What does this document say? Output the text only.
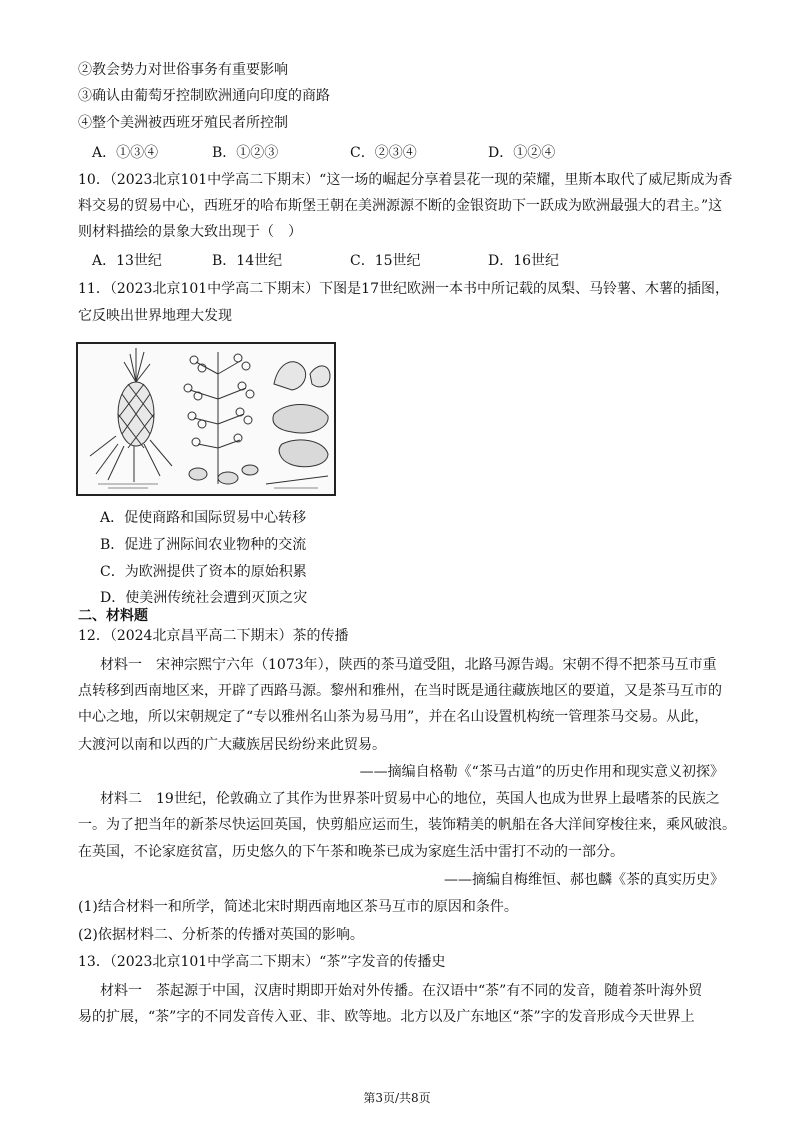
②教会势力对世俗事务有重要影响
③确认由葡萄牙控制欧洲通向印度的商路
④整个美洲被西班牙殖民者所控制
A．①③④	B．①②③	C．②③④	D．①②④
10．（2023北京101中学高二下期末）“这一场的崛起分享着昙花一现的荣耀，里斯本取代了威尼斯成为香
料交易的贸易中心，西班牙的哈布斯堡王朝在美洲源源不断的金银资助下一跃成为欧洲最强大的君主。”这
则材料描绘的景象大致出现于（　）
A．13世纪	B．14世纪	C．15世纪	D．16世纪
11．（2023北京101中学高二下期末）下图是17世纪欧洲一本书中所记载的凤梨、马铃薯、木薯的插图，
它反映出世界地理大发现
A．促使商路和国际贸易中心转移
B．促进了洲际间农业物种的交流
C．为欧洲提供了资本的原始积累
D．使美洲传统社会遭到灭顶之灾
二、材料题
12．（2024北京昌平高二下期末）茶的传播
材料一　宋神宗熙宁六年（1073年），陕西的茶马道受阻，北路马源告竭。宋朝不得不把茶马互市重
点转移到西南地区来，开辟了西路马源。黎州和雅州，在当时既是通往藏族地区的要道，又是茶马互市的
中心之地，所以宋朝规定了“专以雅州名山茶为易马用”，并在名山设置机构统一管理茶马交易。从此，
大渡河以南和以西的广大藏族居民纷纷来此贸易。
——摘编自格勒《“茶马古道”的历史作用和现实意义初探》
材料二　19世纪，伦敦确立了其作为世界茶叶贸易中心的地位，英国人也成为世界上最嗜茶的民族之
一。为了把当年的新茶尽快运回英国，快剪船应运而生，装饰精美的帆船在各大洋间穿梭往来，乘风破浪。
在英国，不论家庭贫富，历史悠久的下午茶和晚茶已成为家庭生活中雷打不动的一部分。
——摘编自梅维恒、郝也麟《茶的真实历史》
(1)结合材料一和所学，简述北宋时期西南地区茶马互市的原因和条件。
(2)依据材料二、分析茶的传播对英国的影响。
13．（2023北京101中学高二下期末）“茶”字发音的传播史
材料一　茶起源于中国，汉唐时期即开始对外传播。在汉语中“茶”有不同的发音，随着茶叶海外贸
易的扩展，“茶”字的不同发音传入亚、非、欧等地。北方以及广东地区“茶”字的发音形成今天世界上
第3页/共8页
